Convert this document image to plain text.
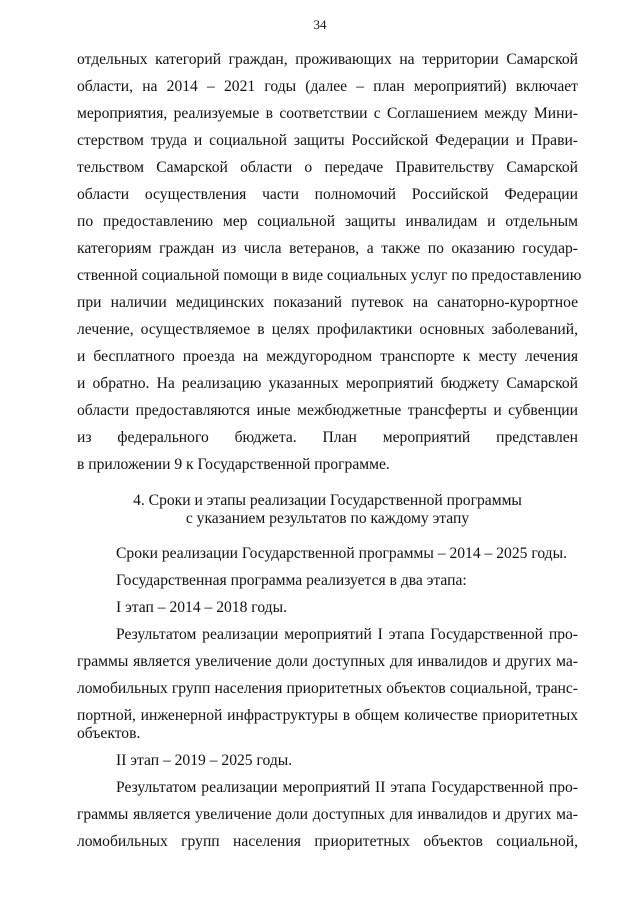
34
отдельных категорий граждан, проживающих на территории Самарской
области, на 2014 – 2021 годы (далее – план мероприятий) включает
мероприятия, реализуемые в соответствии с Соглашением между Мини-
стерством труда и социальной защиты Российской Федерации и Прави-
тельством Самарской области о передаче Правительству Самарской
области осуществления части полномочий Российской Федерации
по предоставлению мер социальной защиты инвалидам и отдельным
категориям граждан из числа ветеранов, а также по оказанию государ-
ственной социальной помощи в виде социальных услуг по предоставлению
при наличии медицинских показаний путевок на санаторно-курортное
лечение, осуществляемое в целях профилактики основных заболеваний,
и бесплатного проезда на междугородном транспорте к месту лечения
и обратно. На реализацию указанных мероприятий бюджету Самарской
области предоставляются иные межбюджетные трансферты и субвенции
из федерального бюджета. План мероприятий представлен
в приложении 9 к Государственной программе.
4. Сроки и этапы реализации Государственной программы
с указанием результатов по каждому этапу
Сроки реализации Государственной программы – 2014 – 2025 годы.
Государственная программа реализуется в два этапа:
I этап – 2014 – 2018 годы.
Результатом реализации мероприятий I этапа Государственной про-
граммы является увеличение доли доступных для инвалидов и других ма-
ломобильных групп населения приоритетных объектов социальной, транс-
портной, инженерной инфраструктуры в общем количестве приоритетных
объектов.
II этап – 2019 – 2025 годы.
Результатом реализации мероприятий II этапа Государственной про-
граммы является увеличение доли доступных для инвалидов и других ма-
ломобильных групп населения приоритетных объектов социальной,
